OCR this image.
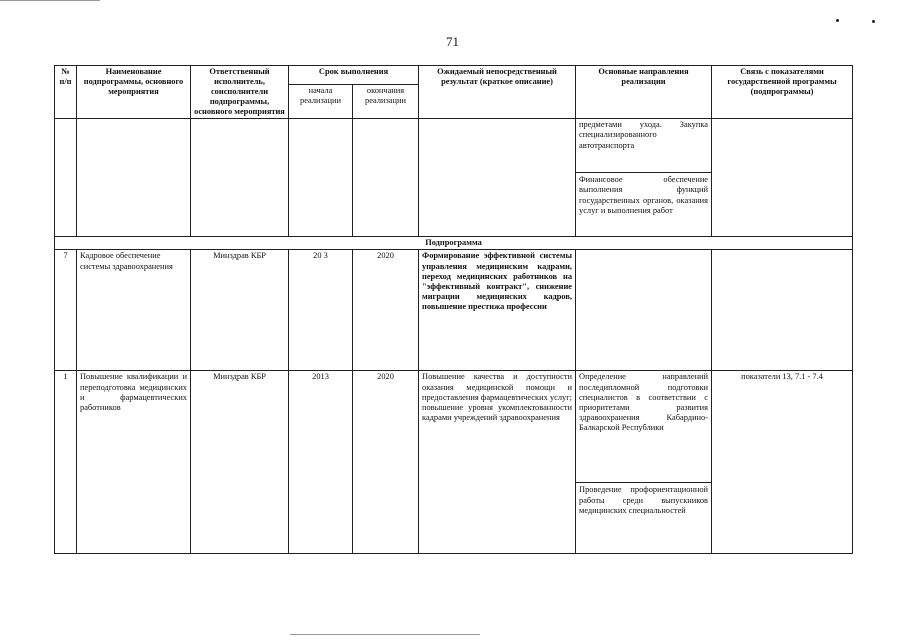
71
№ п/п	Наименование подпрограммы, основного мероприятия	Ответственный исполнитель, соисполнители подпрограммы, основного мероприятия	Срок выполнения		Ожидаемый непосредственный результат (краткое описание)	Основные направления реализации	Связь с показателями государственной программы (подпрограммы)
			начала реализации	окончания реализации			

						предметами ухода. Закупка специализированного автотранспорта
Финансовое обеспечение выполнения функций государственных органов, оказания услуг и выполнения работ	

Подпрограмма							
7	Кадровое обеспечение системы здравоохранения	Минздрав КБР	20 3	2020	Формирование эффективной системы управления медицинским кадрами, переход медицинских работников на "эффективный контракт", снижение миграции медицинских кадров, повышение престижа профессии		
1	Повышение квалификации и переподготовка медицинских и фармацевтических работников	Минздрав КБР	2013	2020	Повышение качества и доступности оказания медицинской помощи и предоставления фармацевтических услуг; повышение уровня укомплектованности кадрами учреждений здравоохранения	Определение направлений последипломной подготовки специалистов в соответствии с приоритетами развития здравоохранения Кабардино-Балкарской Республики
Проведение профориентационной работы среди выпускников медицинских специальностей	показатели 13, 7.1 - 7.4
